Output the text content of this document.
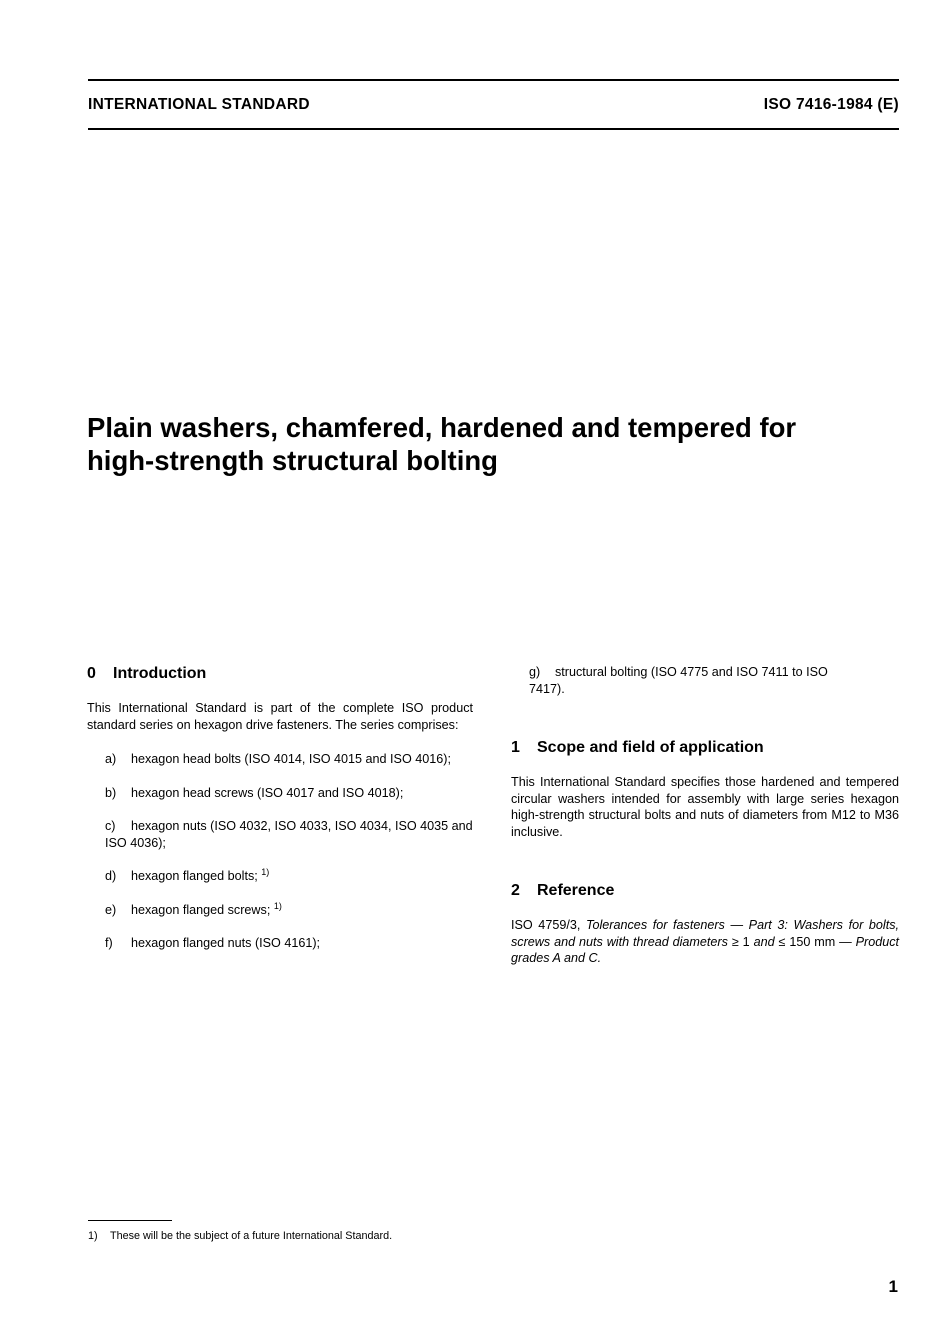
INTERNATIONAL STANDARD	ISO 7416-1984 (E)
Plain washers, chamfered, hardened and tempered for
high-strength structural bolting
0 Introduction

This International Standard is part of the complete ISO product standard series on hexagon drive fasteners. The series comprises:

a) hexagon head bolts (ISO 4014, ISO 4015 and ISO 4016);
b) hexagon head screws (ISO 4017 and ISO 4018);
c) hexagon nuts (ISO 4032, ISO 4033, ISO 4034, ISO 4035 and ISO 4036);
d) hexagon flanged bolts; $^{1)}$
e) hexagon flanged screws; $^{1)}$
f) hexagon flanged nuts (ISO 4161);
g) structural bolting (ISO 4775 and ISO 7411 to ISO 7417).
1 Scope and field of application

This International Standard specifies those hardened and tempered circular washers intended for assembly with large series hexagon high-strength structural bolts and nuts of diameters from M12 to M36 inclusive.

2 Reference

ISO 4759/3, Tolerances for fasteners — Part 3: Washers for bolts, screws and nuts with thread diameters ≥ 1 and ≤ 150 mm — Product grades A and C.

1) These will be the subject of a future International Standard.
1
